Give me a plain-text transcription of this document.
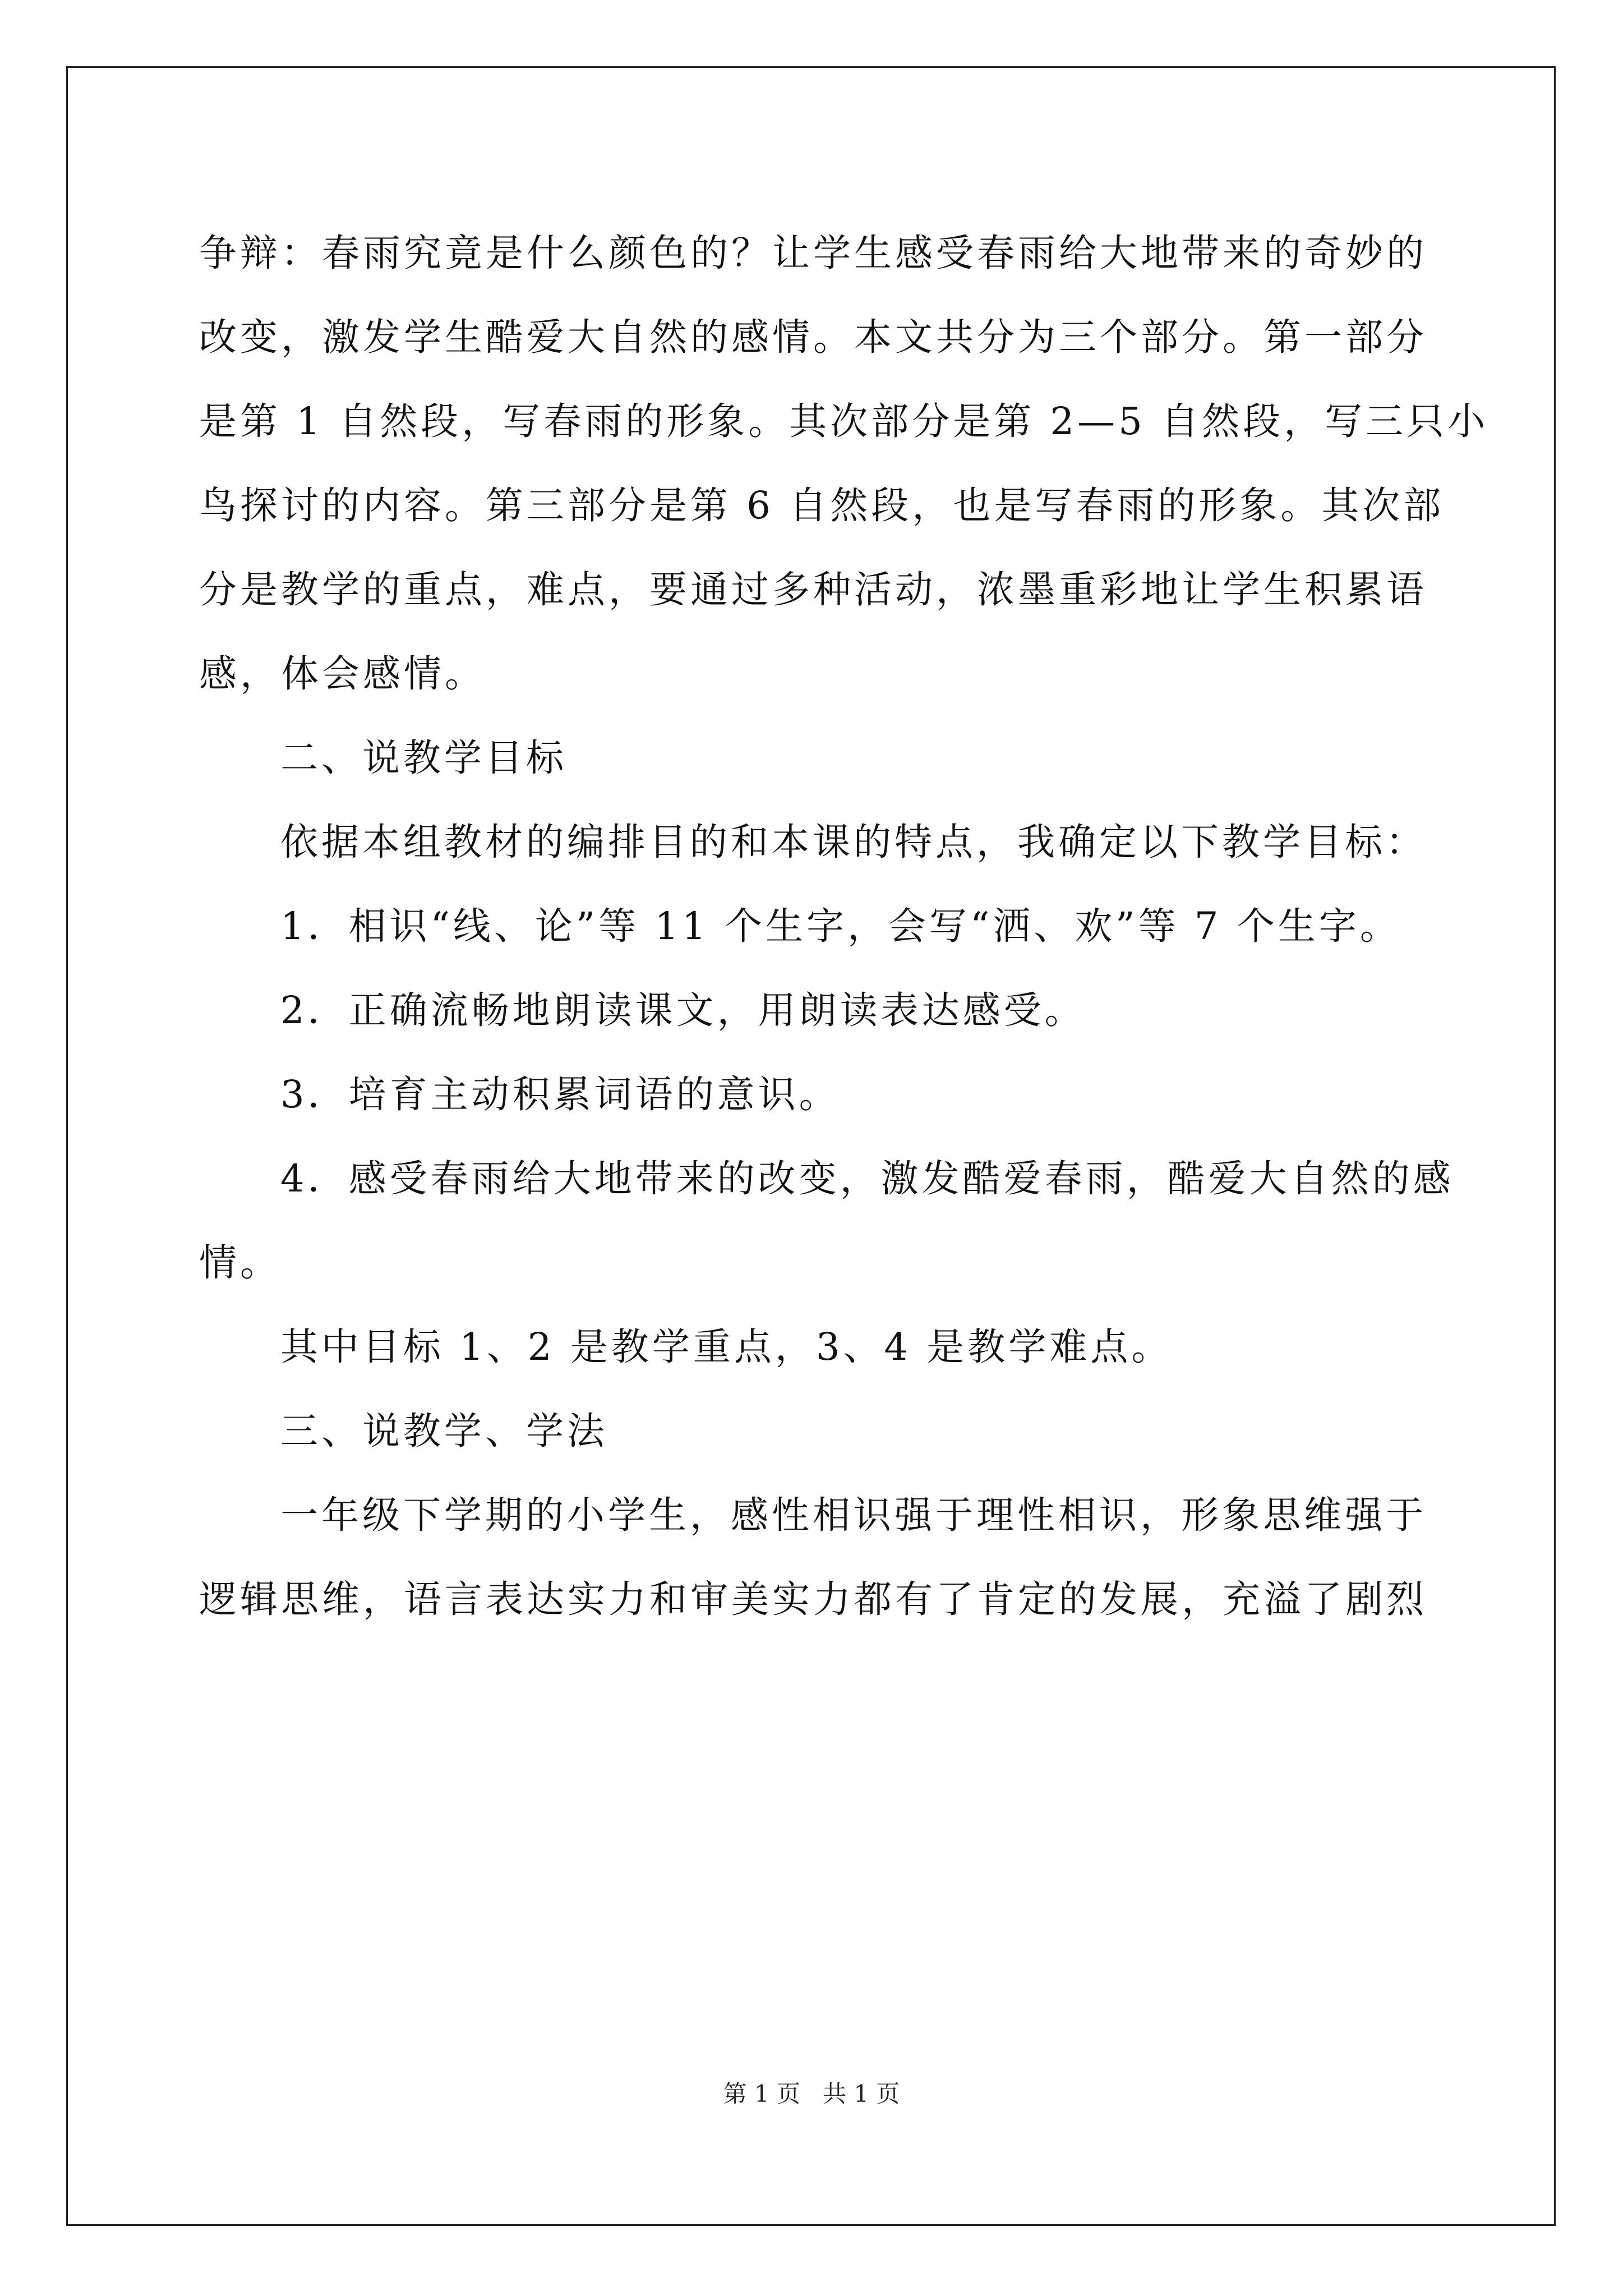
争辩：春雨究竟是什么颜色的？让学生感受春雨给大地带来的奇妙的
改变，激发学生酷爱大自然的感情。本文共分为三个部分。第一部分
是第 1 自然段，写春雨的形象。其次部分是第 2—5 自然段，写三只小
鸟探讨的内容。第三部分是第 6 自然段，也是写春雨的形象。其次部
分是教学的重点，难点，要通过多种活动，浓墨重彩地让学生积累语
感，体会感情。
二、说教学目标
依据本组教材的编排目的和本课的特点，我确定以下教学目标：
1．相识“线、论”等 11 个生字，会写“洒、欢”等 7 个生字。
2．正确流畅地朗读课文，用朗读表达感受。
3．培育主动积累词语的意识。
4．感受春雨给大地带来的改变，激发酷爱春雨，酷爱大自然的感
情。
其中目标 1、2 是教学重点，3、4 是教学难点。
三、说教学、学法
一年级下学期的小学生，感性相识强于理性相识，形象思维强于
逻辑思维，语言表达实力和审美实力都有了肯定的发展，充溢了剧烈
第 1 页 共 1 页
